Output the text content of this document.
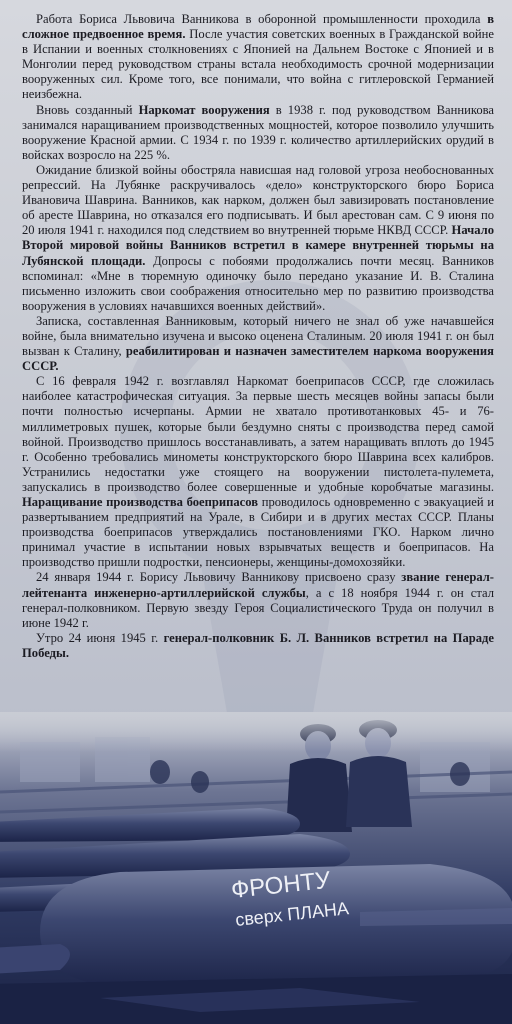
Работа Бориса Львовича Ванникова в оборонной промышленности проходила в сложное предвоенное время. После участия советских военных в Гражданской войне в Испании и военных столкновениях с Японией на Дальнем Востоке с Японией и в Монголии перед руководством страны встала необходимость срочной модернизации вооруженных сил. Кроме того, все понимали, что война с гитлеровской Германией неизбежна.

Вновь созданный Наркомат вооружения в 1938 г. под руководством Ванникова занимался наращиванием производственных мощностей, которое позволило улучшить вооружение Красной армии. С 1934 г. по 1939 г. количество артиллерийских орудий в войсках возросло на 225 %.

Ожидание близкой войны обостряла нависшая над головой угроза необоснованных репрессий. На Лубянке раскручивалось «дело» конструкторского бюро Бориса Ивановича Шаврина. Ванников, как нарком, должен был завизировать постановление об аресте Шаврина, но отказался его подписывать. И был арестован сам. С 9 июня по 20 июля 1941 г. находился под следствием во внутренней тюрьме НКВД СССР. Начало Второй мировой войны Ванников встретил в камере внутренней тюрьмы на Лубянской площади. Допросы с побоями продолжались почти месяц. Ванников вспоминал: «Мне в тюремную одиночку было передано указание И. В. Сталина письменно изложить свои соображения относительно мер по развитию производства вооружения в условиях начавшихся военных действий».

Записка, составленная Ванниковым, который ничего не знал об уже начавшейся войне, была внимательно изучена и высоко оценена Сталиным. 20 июля 1941 г. он был вызван к Сталину, реабилитирован и назначен заместителем наркома вооружения СССР.

С 16 февраля 1942 г. возглавлял Наркомат боеприпасов СССР, где сложилась наиболее катастрофическая ситуация. За первые шесть месяцев войны запасы были почти полностью исчерпаны. Армии не хватало противотанковых 45- и 76-миллиметровых пушек, которые были бездумно сняты с производства перед самой войной. Производство пришлось восстанавливать, а затем наращивать вплоть до 1945 г. Особенно требовались минометы конструкторского бюро Шаврина всех калибров. Устранились недостатки уже стоящего на вооружении пистолета-пулемета, запускались в производство более совершенные и удобные коробчатые магазины. Наращивание производства боеприпасов проводилось одновременно с эвакуацией и развертыванием предприятий на Урале, в Сибири и в других местах СССР. Планы производства боеприпасов утверждались постановлениями ГКО. Нарком лично принимал участие в испытании новых взрывчатых веществ и боеприпасов. На производство пришли подростки, пенсионеры, женщины-домохозяйки.

24 января 1944 г. Борису Львовичу Ванникову присвоено сразу звание генерал-лейтенанта инженерно-артиллерийской службы, а с 18 ноября 1944 г. он стал генерал-полковником. Первую звезду Героя Социалистического Труда он получил в июне 1942 г.

Утро 24 июня 1945 г. генерал-полковник Б. Л. Ванников встретил на Параде Победы.

ФРОНТУ
сверх ПЛАНА
